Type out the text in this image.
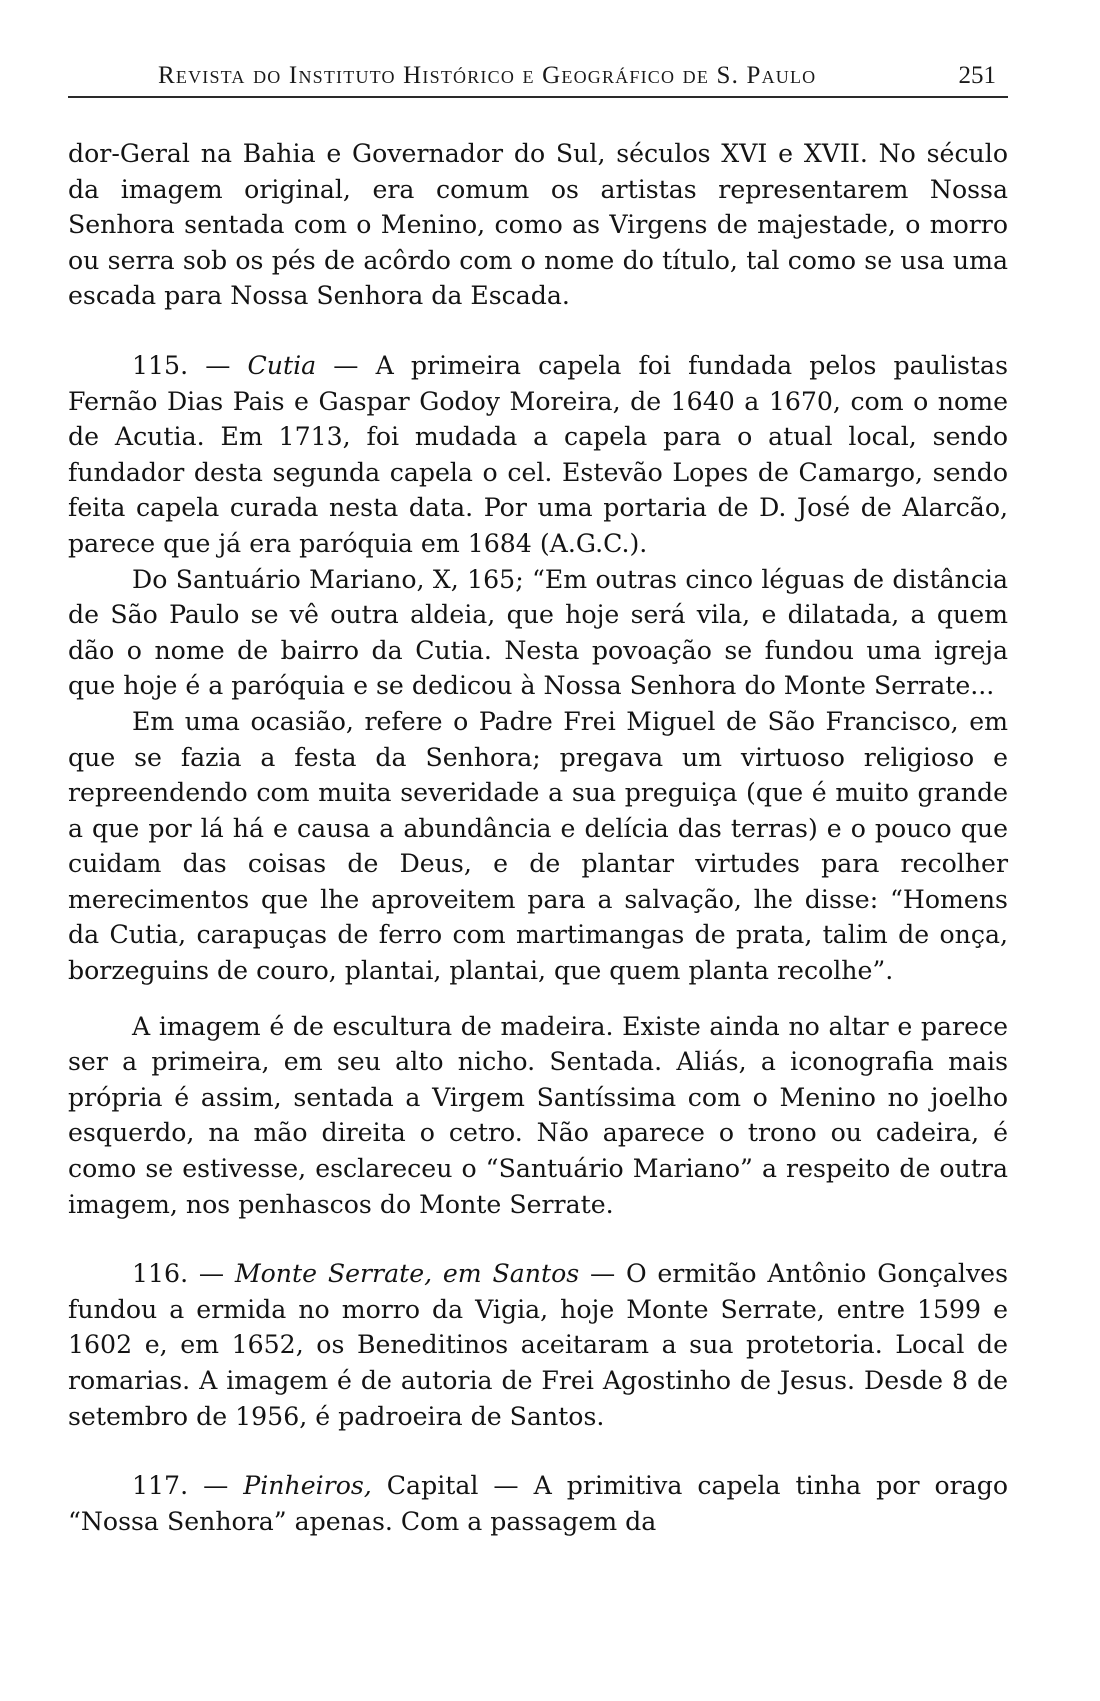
Revista do Instituto Histórico e Geográfico de S. Paulo	251

dor-Geral na Bahia e Governador do Sul, séculos XVI e XVII. No século da imagem original, era comum os artistas representarem Nossa Senhora sentada com o Menino, como as Virgens de majestade, o morro ou serra sob os pés de acôrdo com o nome do título, tal como se usa uma escada para Nossa Senhora da Escada.

115. — Cutia — A primeira capela foi fundada pelos paulistas Fernão Dias Pais e Gaspar Godoy Moreira, de 1640 a 1670, com o nome de Acutia. Em 1713, foi mudada a capela para o atual local, sendo fundador desta segunda capela o cel. Estevão Lopes de Camargo, sendo feita capela curada nesta data. Por uma portaria de D. José de Alarcão, parece que já era paróquia em 1684 (A.G.C.).

Do Santuário Mariano, X, 165; “Em outras cinco léguas de distância de São Paulo se vê outra aldeia, que hoje será vila, e dilatada, a quem dão o nome de bairro da Cutia. Nesta povoação se fundou uma igreja que hoje é a paróquia e se dedicou à Nossa Senhora do Monte Serrate...

Em uma ocasião, refere o Padre Frei Miguel de São Francisco, em que se fazia a festa da Senhora; pregava um virtuoso religioso e repreendendo com muita severidade a sua preguiça (que é muito grande a que por lá há e causa a abundância e delícia das terras) e o pouco que cuidam das coisas de Deus, e de plantar virtudes para recolher merecimentos que lhe aproveitem para a salvação, lhe disse: “Homens da Cutia, carapuças de ferro com martimangas de prata, talim de onça, borzeguins de couro, plantai, plantai, que quem planta recolhe”.

A imagem é de escultura de madeira. Existe ainda no altar e parece ser a primeira, em seu alto nicho. Sentada. Aliás, a iconografia mais própria é assim, sentada a Virgem Santíssima com o Menino no joelho esquerdo, na mão direita o cetro. Não aparece o trono ou cadeira, é como se estivesse, esclareceu o “Santuário Mariano” a respeito de outra imagem, nos penhascos do Monte Serrate.

116. — Monte Serrate, em Santos — O ermitão Antônio Gonçalves fundou a ermida no morro da Vigia, hoje Monte Serrate, entre 1599 e 1602 e, em 1652, os Beneditinos aceitaram a sua protetoria. Local de romarias. A imagem é de autoria de Frei Agostinho de Jesus. Desde 8 de setembro de 1956, é padroeira de Santos.

117. — Pinheiros, Capital — A primitiva capela tinha por orago “Nossa Senhora” apenas. Com a passagem da
